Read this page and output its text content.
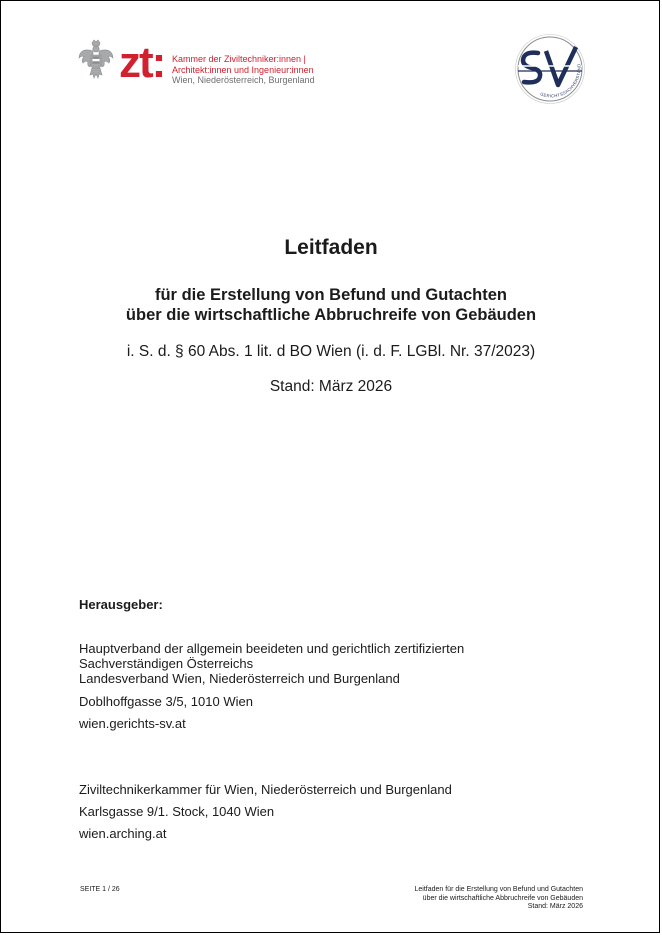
zt: Kammer der Ziviltechniker:innen |
Architekt:innen und Ingenieur:innen
Wien, Niederösterreich, Burgenland
GERICHTSSACHVERSTÄND
Leitfaden
für die Erstellung von Befund und Gutachten
über die wirtschaftliche Abbruchreife von Gebäuden
i. S. d. § 60 Abs. 1 lit. d BO Wien (i. d. F. LGBl. Nr. 37/2023)
Stand: März 2026
Herausgeber:
Hauptverband der allgemein beeideten und gerichtlich zertifizierten
Sachverständigen Österreichs
Landesverband Wien, Niederösterreich und Burgenland
Doblhoffgasse 3/5, 1010 Wien
wien.gerichts-sv.at
Ziviltechnikerkammer für Wien, Niederösterreich und Burgenland
Karlsgasse 9/1. Stock, 1040 Wien
wien.arching.at
SEITE 1 / 26	Leitfaden für die Erstellung von Befund und Gutachten
über die wirtschaftliche Abbruchreife von Gebäuden
Stand: März 2026
